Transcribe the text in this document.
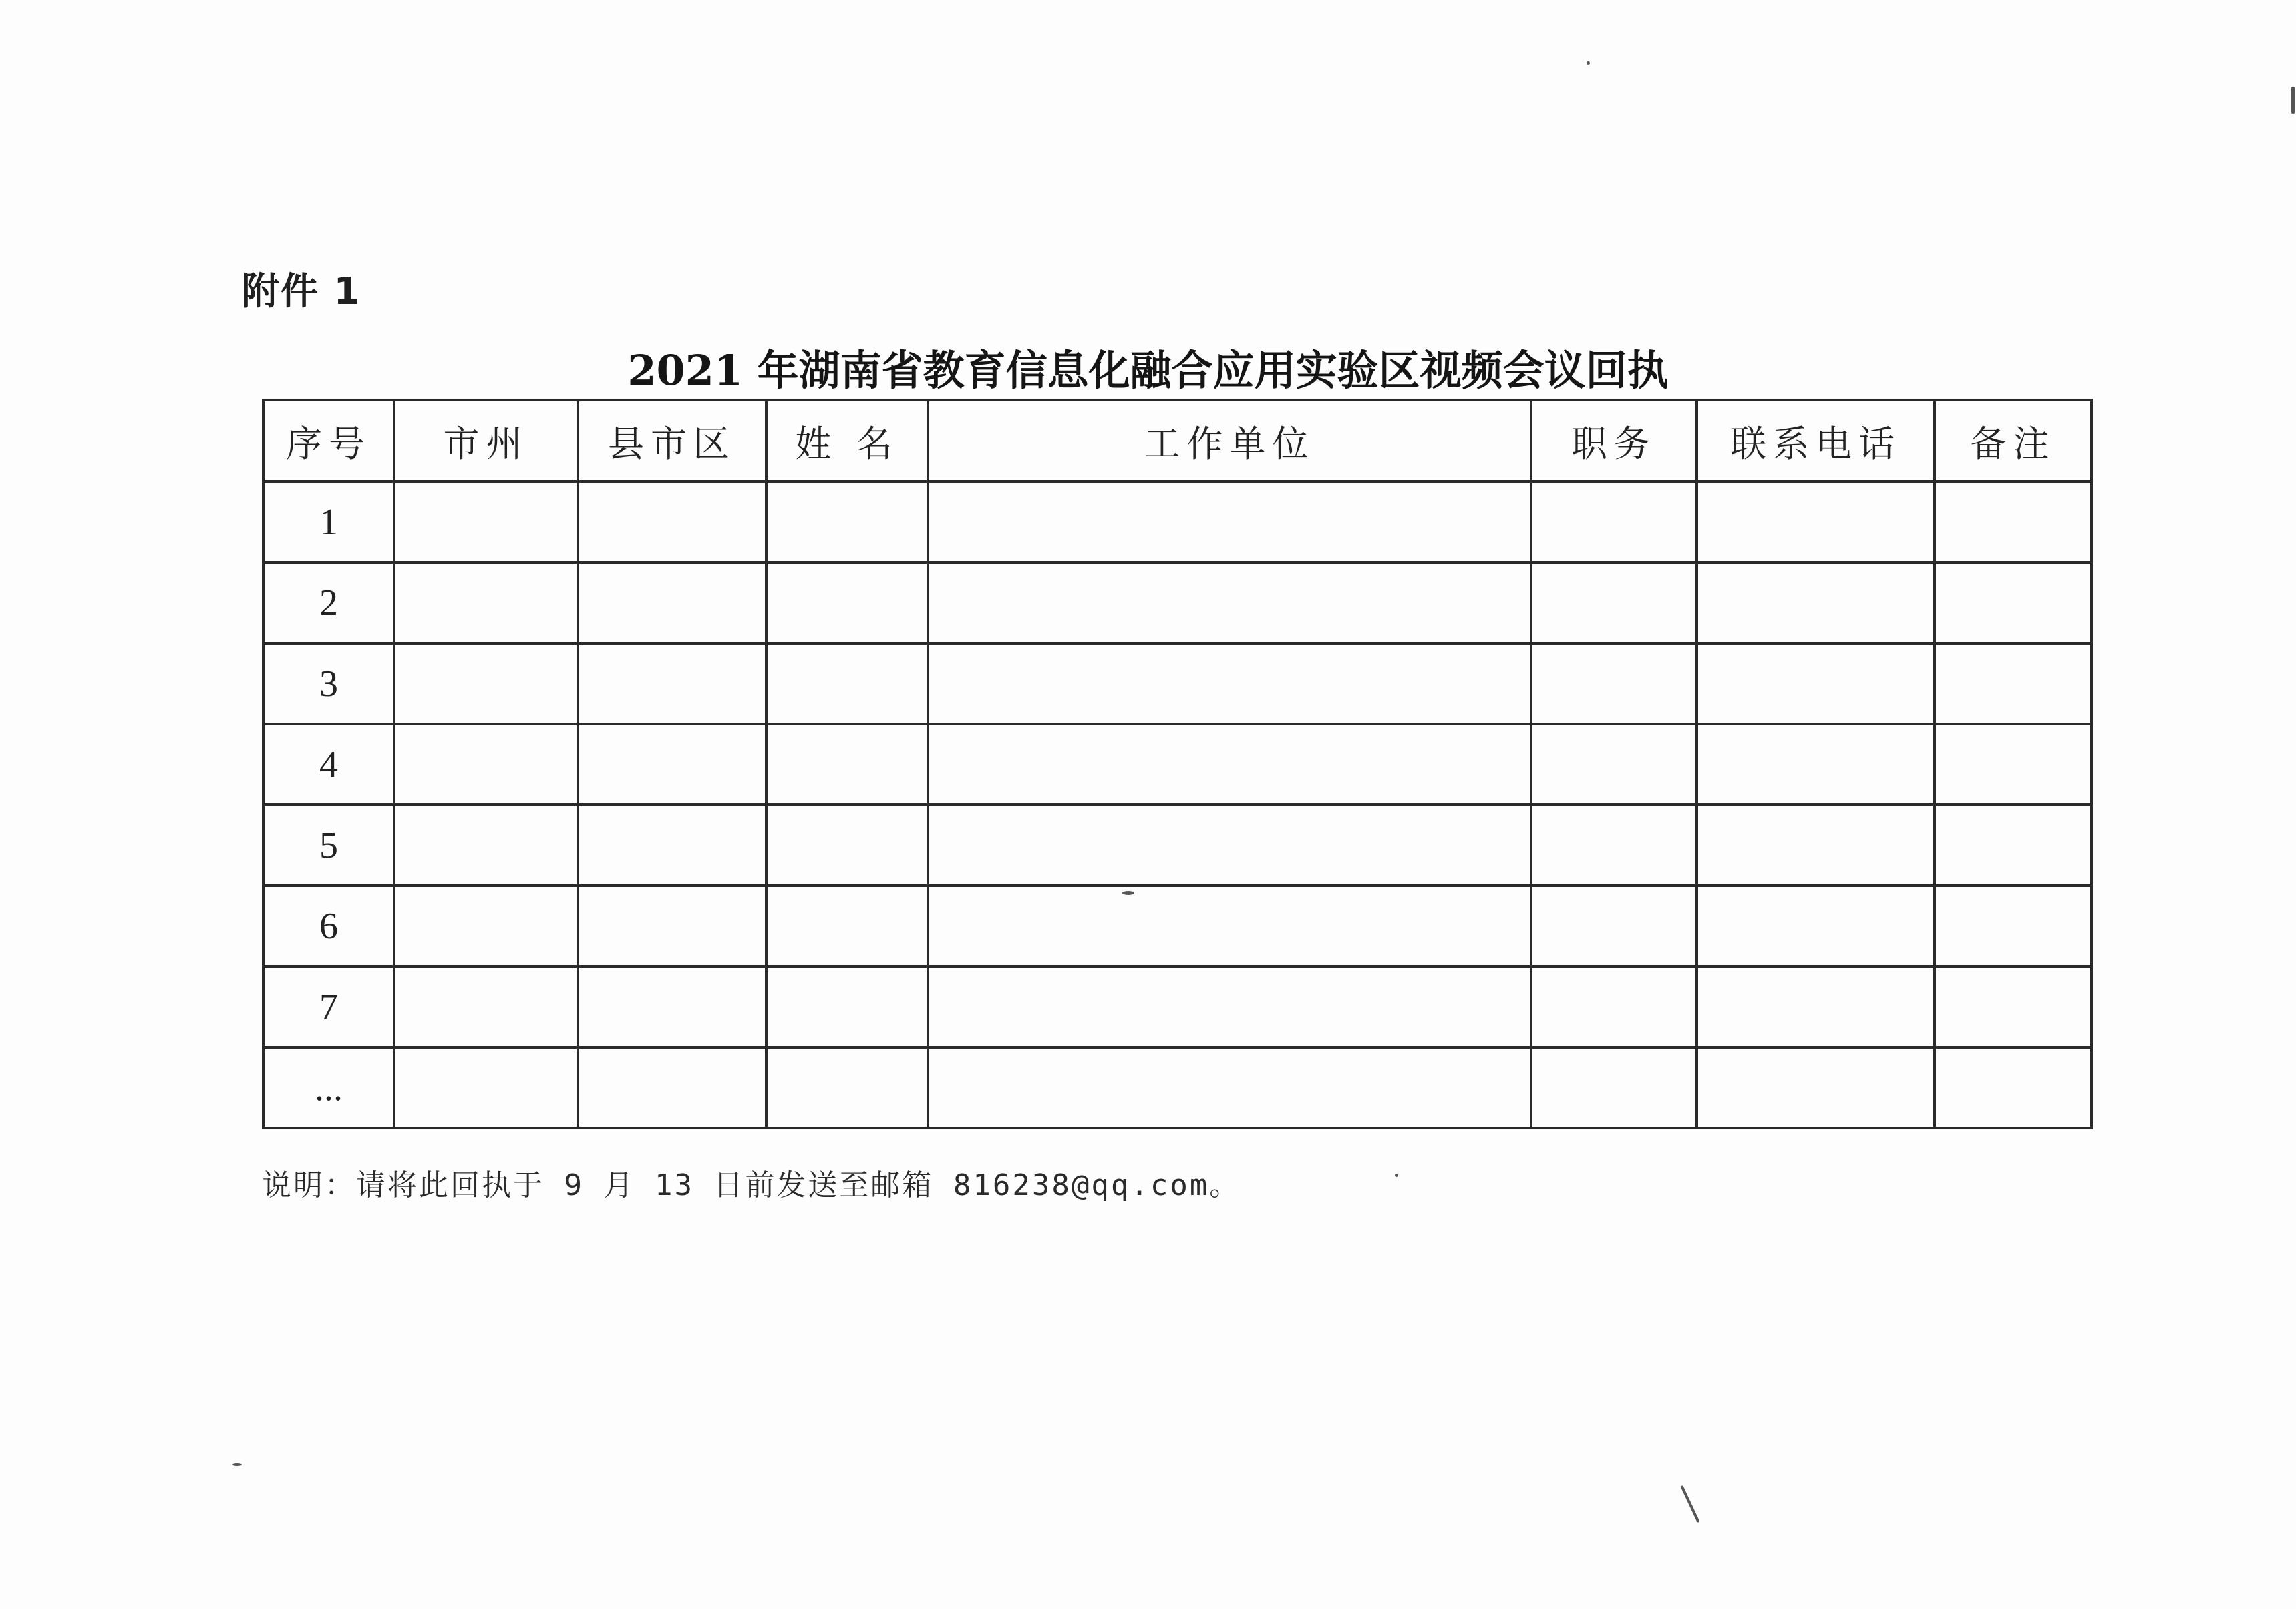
附件 1
2021 年湖南省教育信息化融合应用实验区视频会议回执
序号	市州	县市区	姓 名	工作单位	职务	联系电话	备注
1							
2							
3							
4							
5							
6							
7							
...							
说明：请将此回执于 9 月 13 日前发送至邮箱 816238@qq.com。
